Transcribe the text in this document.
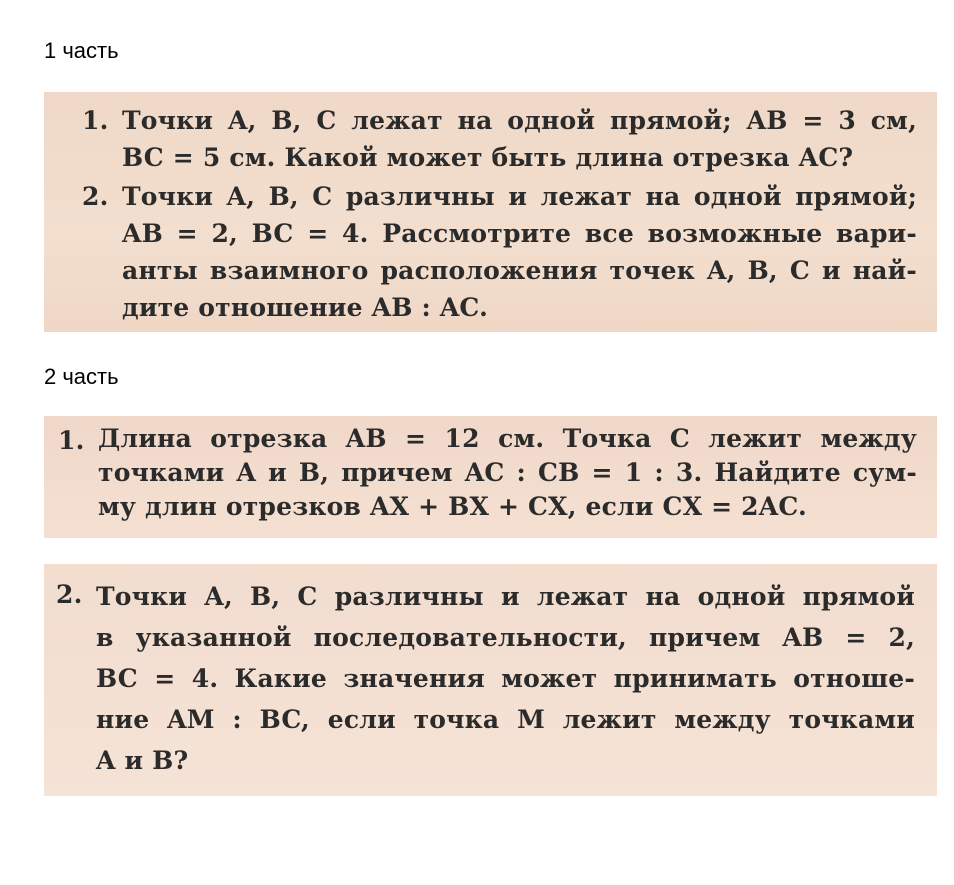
1 часть
1. Точки A, B, C лежат на одной прямой; AB = 3 см,
BC = 5 см. Какой может быть длина отрезка AC?
2. Точки A, B, C различны и лежат на одной прямой;
AB = 2, BC = 4. Рассмотрите все возможные вари-
анты взаимного расположения точек A, B, C и най-
дите отношение AB : AC.
2 часть
1. Длина отрезка AB = 12 см. Точка C лежит между
точками A и B, причем AC : CB = 1 : 3. Найдите сум-
му длин отрезков AX + BX + CX, если CX = 2AC.
2. Точки A, B, C различны и лежат на одной прямой
в указанной последовательности, причем AB = 2,
BC = 4. Какие значения может принимать отноше-
ние AM : BC, если точка M лежит между точками
A и B?
